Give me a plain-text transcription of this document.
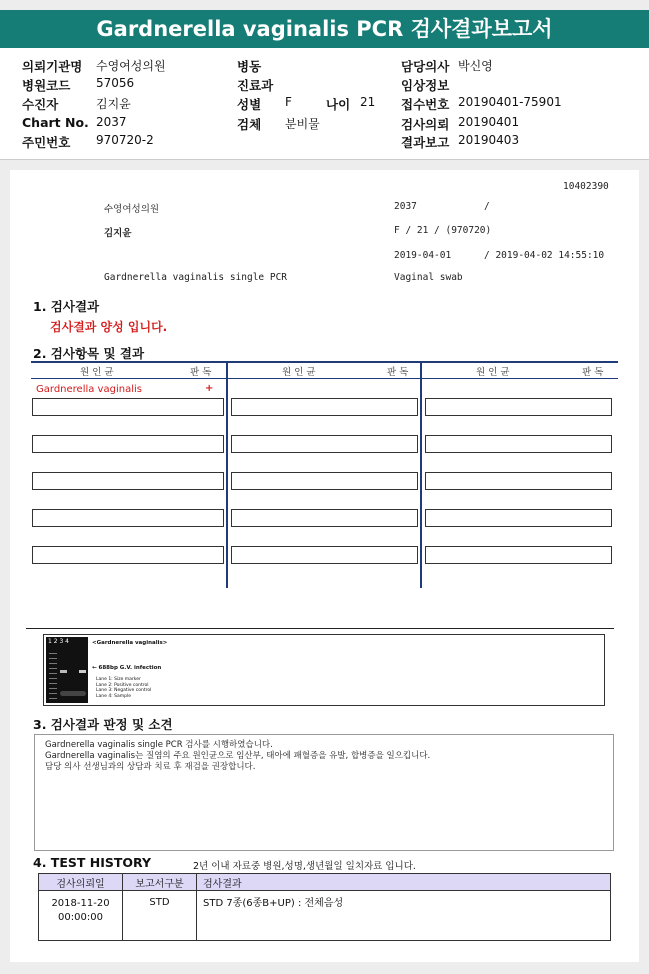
Gardnerella vaginalis PCR 검사결과보고서
의뢰기관명 수영여성의원
병원코드 57056
수진자	김지윤
Chart No. 2037
주민번호 970720-2
병동
진료과
성별 F	나이 21
검체 분비물
담당의사 박신영
임상정보
접수번호 20190401-75901
검사의뢰 20190401
결과보고 20190403
10402390
수영여성의원	2037	/
김지윤	F / 21 / (970720)
2019-04-01	/ 2019-04-02 14:55:10
Gardnerella vaginalis single PCR	Vaginal swab
1. 검사결과
검사결과 양성 입니다.
2. 검사항목 및 결과
원 인 균	판 독	원 인 균	판 독	원 인 균	판 독
Gardnerella vaginalis	+
1 2 3 4	<Gardnerella vaginalis>
← 688bp G.V. infection
Lane 1: Size marker
Lane 2: Positive control
Lane 3: Negative control
Lane 4: Sample
3. 검사결과 판정 및 소견
Gardnerella vaginalis single PCR 검사를 시행하였습니다.
Gardnerella vaginalis는 질염의 주요 원인균으로 임산부, 태아에 패혈증을 유발, 합병증을 일으킵니다.
담당 의사 선생님과의 상담과 치료 후 재검을 권장합니다.
4. TEST HISTORY	2년 이내 자료중 병원,성명,생년월일 일치자료 입니다.
검사의뢰일	보고서구분	검사결과

2018-11-20
00:00:00	STD	STD 7종(6종B+UP) : 전체음성
